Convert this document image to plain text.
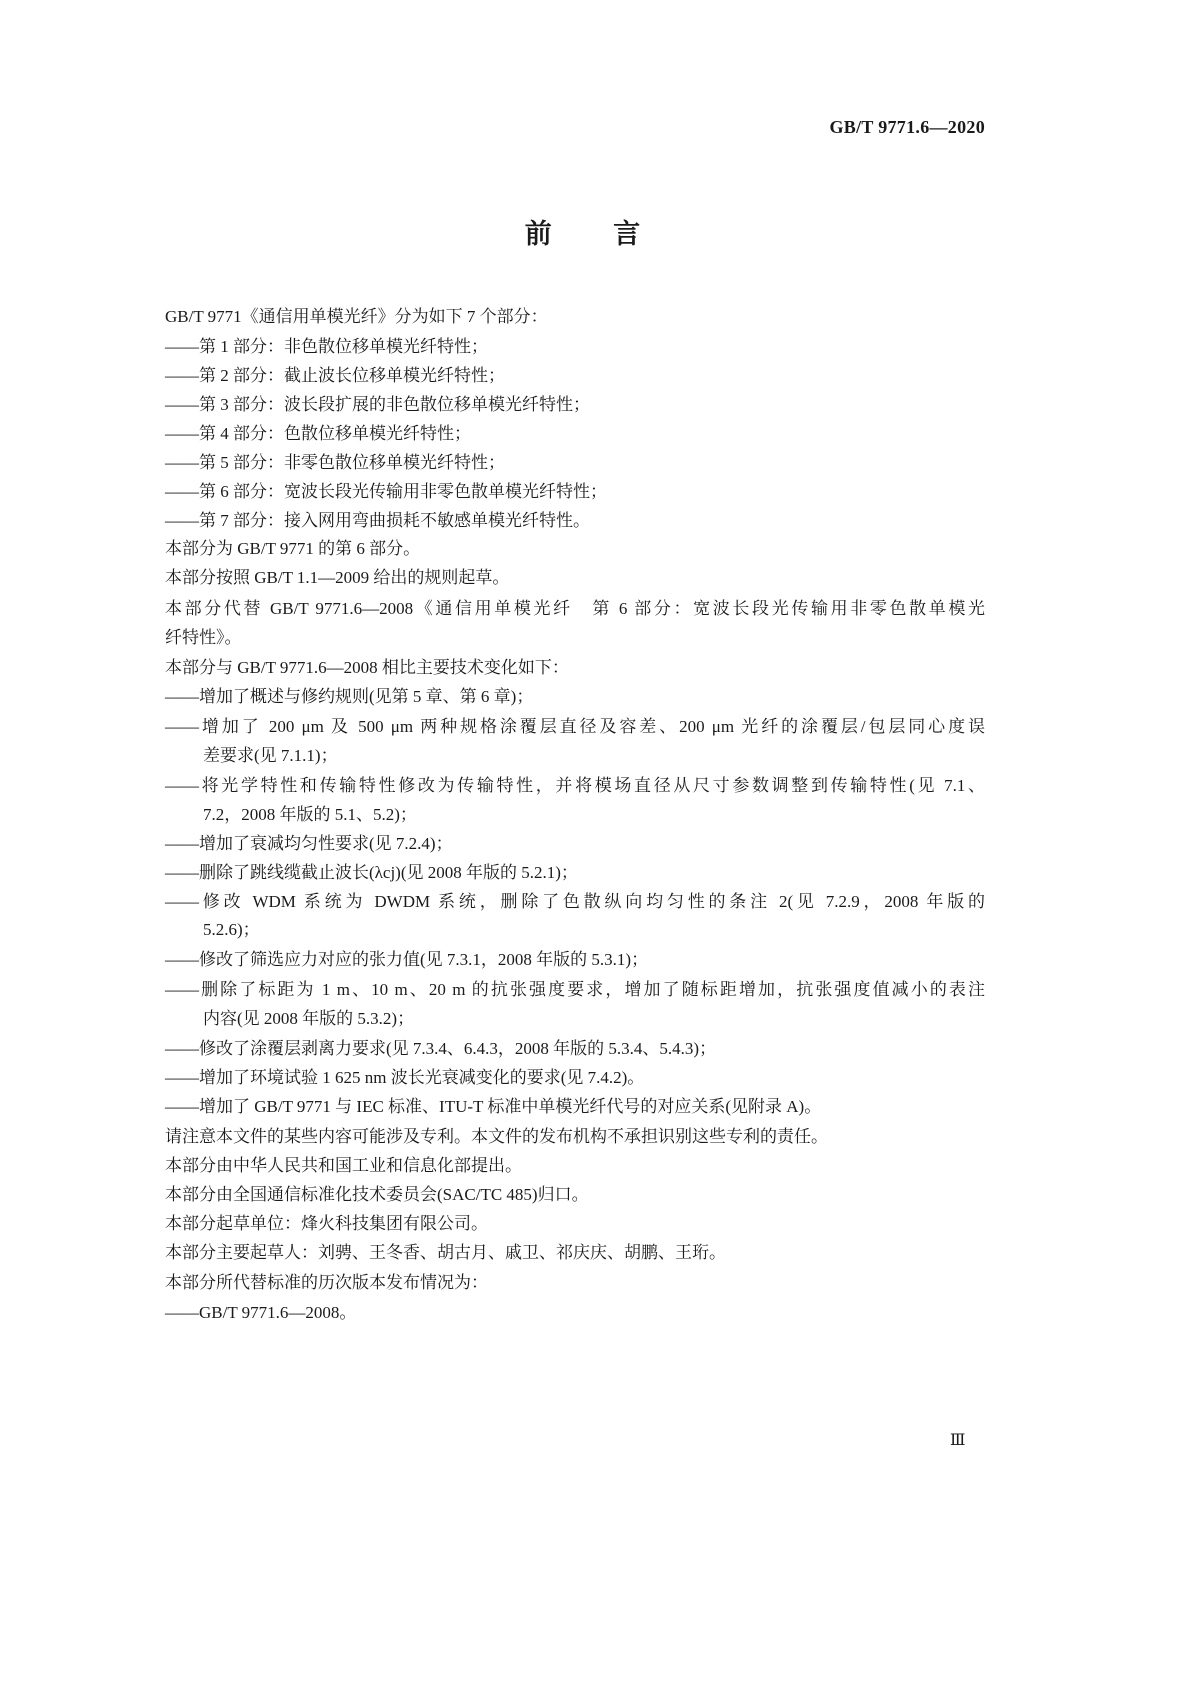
GB/T 9771.6—2020
前 言
GB/T 9771《通信用单模光纤》分为如下 7 个部分：
——第 1 部分：非色散位移单模光纤特性；
——第 2 部分：截止波长位移单模光纤特性；
——第 3 部分：波长段扩展的非色散位移单模光纤特性；
——第 4 部分：色散位移单模光纤特性；
——第 5 部分：非零色散位移单模光纤特性；
——第 6 部分：宽波长段光传输用非零色散单模光纤特性；
——第 7 部分：接入网用弯曲损耗不敏感单模光纤特性。
本部分为 GB/T 9771 的第 6 部分。
本部分按照 GB/T 1.1—2009 给出的规则起草。
本部分代替 GB/T 9771.6—2008《通信用单模光纤　第 6 部分：宽波长段光传输用非零色散单模光
纤特性》。
本部分与 GB/T 9771.6—2008 相比主要技术变化如下：
——增加了概述与修约规则(见第 5 章、第 6 章)；
——增加了 200 μm 及 500 μm 两种规格涂覆层直径及容差、200 μm 光纤的涂覆层/包层同心度误
差要求(见 7.1.1)；
——将光学特性和传输特性修改为传输特性，并将模场直径从尺寸参数调整到传输特性(见 7.1、
7.2，2008 年版的 5.1、5.2)；
——增加了衰减均匀性要求(见 7.2.4)；
——删除了跳线缆截止波长(λcj)(见 2008 年版的 5.2.1)；
——修改 WDM 系统为 DWDM 系统，删除了色散纵向均匀性的条注 2(见 7.2.9，2008 年版的
5.2.6)；
——修改了筛选应力对应的张力值(见 7.3.1，2008 年版的 5.3.1)；
——删除了标距为 1 m、10 m、20 m 的抗张强度要求，增加了随标距增加，抗张强度值减小的表注
内容(见 2008 年版的 5.3.2)；
——修改了涂覆层剥离力要求(见 7.3.4、6.4.3，2008 年版的 5.3.4、5.4.3)；
——增加了环境试验 1 625 nm 波长光衰减变化的要求(见 7.4.2)。
——增加了 GB/T 9771 与 IEC 标准、ITU-T 标准中单模光纤代号的对应关系(见附录 A)。
请注意本文件的某些内容可能涉及专利。本文件的发布机构不承担识别这些专利的责任。
本部分由中华人民共和国工业和信息化部提出。
本部分由全国通信标准化技术委员会(SAC/TC 485)归口。
本部分起草单位：烽火科技集团有限公司。
本部分主要起草人：刘骋、王冬香、胡古月、戚卫、祁庆庆、胡鹏、王珩。
本部分所代替标准的历次版本发布情况为：
——GB/T 9771.6—2008。
Ⅲ
